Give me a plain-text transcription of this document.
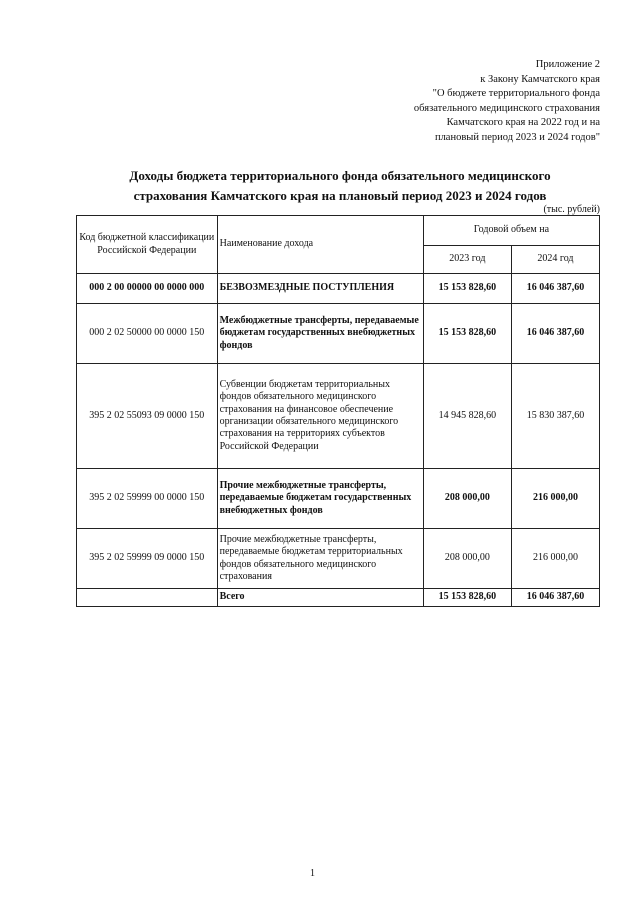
Приложение 2
к Закону Камчатского края
"О бюджете территориального фонда
обязательного медицинского страхования
Камчатского края на 2022 год и на
плановый период 2023 и 2024 годов"
Доходы бюджета территориального фонда обязательного медицинского
страхования Камчатского края на плановый период 2023 и 2024 годов
(тыс. рублей)
Код бюджетной классификации Российской Федерации	Наименование дохода	Годовой объем на	
		2023 год	2024 год
000 2 00 00000 00 0000 000	БЕЗВОЗМЕЗДНЫЕ ПОСТУПЛЕНИЯ	15 153 828,60	16 046 387,60
000 2 02 50000 00 0000 150	Межбюджетные трансферты, передаваемые бюджетам государственных внебюджетных фондов	15 153 828,60	16 046 387,60
395 2 02 55093 09 0000 150	Субвенции бюджетам территориальных фондов обязательного медицинского страхования на финансовое обеспечение организации обязательного медицинского страхования на территориях субъектов Российской Федерации	14 945 828,60	15 830 387,60
395 2 02 59999 00 0000 150	Прочие межбюджетные трансферты, передаваемые бюджетам государственных внебюджетных фондов	208 000,00	216 000,00
395 2 02 59999 09 0000 150	Прочие межбюджетные трансферты, передаваемые бюджетам территориальных фондов обязательного медицинского страхования	208 000,00	216 000,00
	Всего	15 153 828,60	16 046 387,60
1
